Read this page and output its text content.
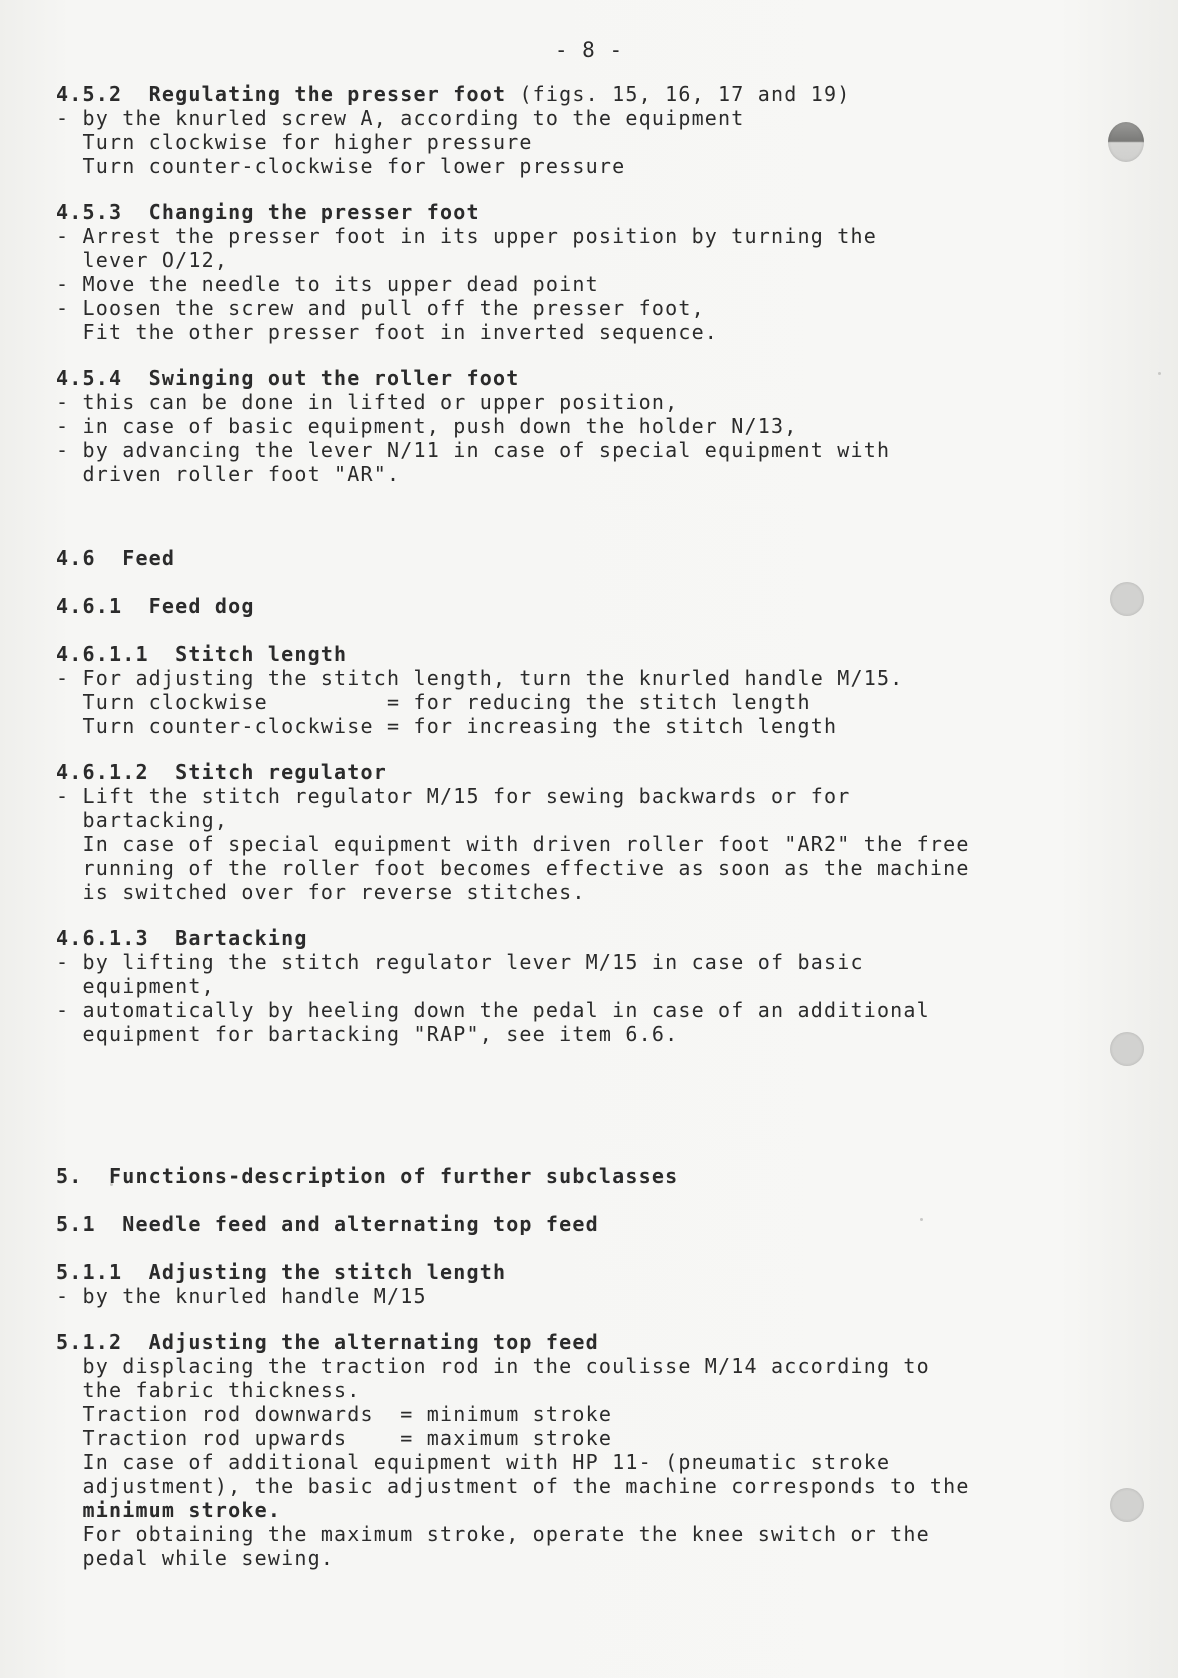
- 8 -
4.5.2  Regulating the presser foot (figs. 15, 16, 17 and 19)
- by the knurled screw A, according to the equipment
Turn clockwise for higher pressure
Turn counter-clockwise for lower pressure
4.5.3  Changing the presser foot
- Arrest the presser foot in its upper position by turning the
lever O/12,
- Move the needle to its upper dead point
- Loosen the screw and pull off the presser foot,
Fit the other presser foot in inverted sequence.
4.5.4  Swinging out the roller foot
- this can be done in lifted or upper position,
- in case of basic equipment, push down the holder N/13,
- by advancing the lever N/11 in case of special equipment with
driven roller foot "AR".
4.6  Feed
4.6.1  Feed dog
4.6.1.1  Stitch length
- For adjusting the stitch length, turn the knurled handle M/15.
Turn clockwise         = for reducing the stitch length
Turn counter-clockwise = for increasing the stitch length
4.6.1.2  Stitch regulator
- Lift the stitch regulator M/15 for sewing backwards or for
bartacking,
In case of special equipment with driven roller foot "AR2" the free
running of the roller foot becomes effective as soon as the machine
is switched over for reverse stitches.
4.6.1.3  Bartacking
- by lifting the stitch regulator lever M/15 in case of basic
equipment,
- automatically by heeling down the pedal in case of an additional
equipment for bartacking "RAP", see item 6.6.
5.  Functions-description of further subclasses
5.1  Needle feed and alternating top feed
5.1.1  Adjusting the stitch length
- by the knurled handle M/15
5.1.2  Adjusting the alternating top feed
by displacing the traction rod in the coulisse M/14 according to
the fabric thickness.
Traction rod downwards  = minimum stroke
Traction rod upwards    = maximum stroke
In case of additional equipment with HP 11- (pneumatic stroke
adjustment), the basic adjustment of the machine corresponds to the
minimum stroke.
For obtaining the maximum stroke, operate the knee switch or the
pedal while sewing.
